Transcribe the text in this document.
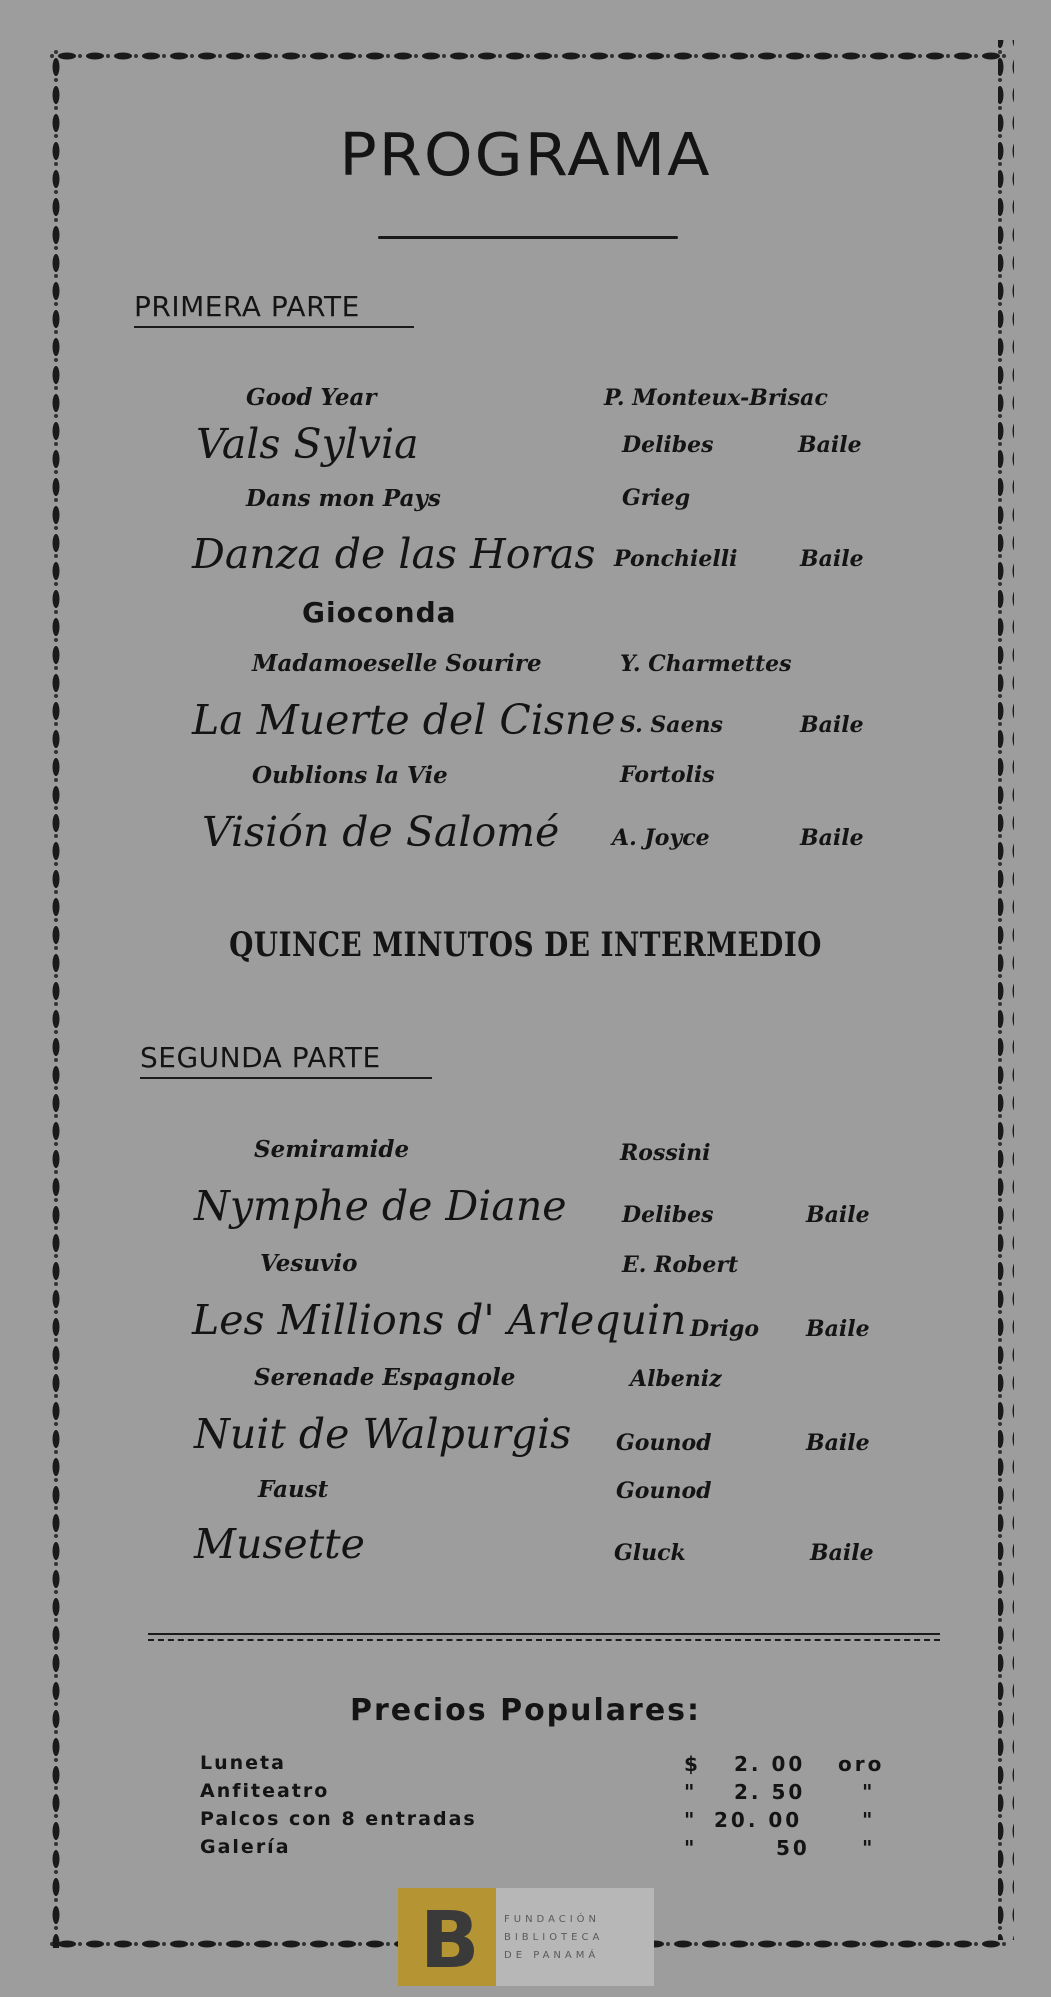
PROGRAMA
PRIMERA PARTE
Good Year	P. Monteux-Brisac
Vals Sylvia	Delibes	Baile
Dans mon Pays	Grieg
Danza de las Horas Ponchielli	Baile
Gioconda
Madamoeselle Sourire	Y. Charmettes
La Muerte del Cisne S. Saens	Baile
Oublions la Vie	Fortolis
Visión de Salomé A. Joyce	Baile
QUINCE MINUTOS DE INTERMEDIO
SEGUNDA PARTE
Semiramide	Rossini
Nymphe de Diane	Delibes	Baile
Vesuvio	E. Robert
Les Millions d' Arlequin Drigo Baile
Serenade Espagnole	Albeniz
Nuit de Walpurgis Gounod	Baile
Faust	Gounod
Musette	Gluck	Baile
Precios Populares:
Luneta	$ 2. 00 oro
Anfiteatro	" 2. 50	"
Palcos con 8 entradas	" 20. 00	"
Galería	"	50	"
B FUNDACIÓN
BIBLIOTECA
DE PANAMÁ
